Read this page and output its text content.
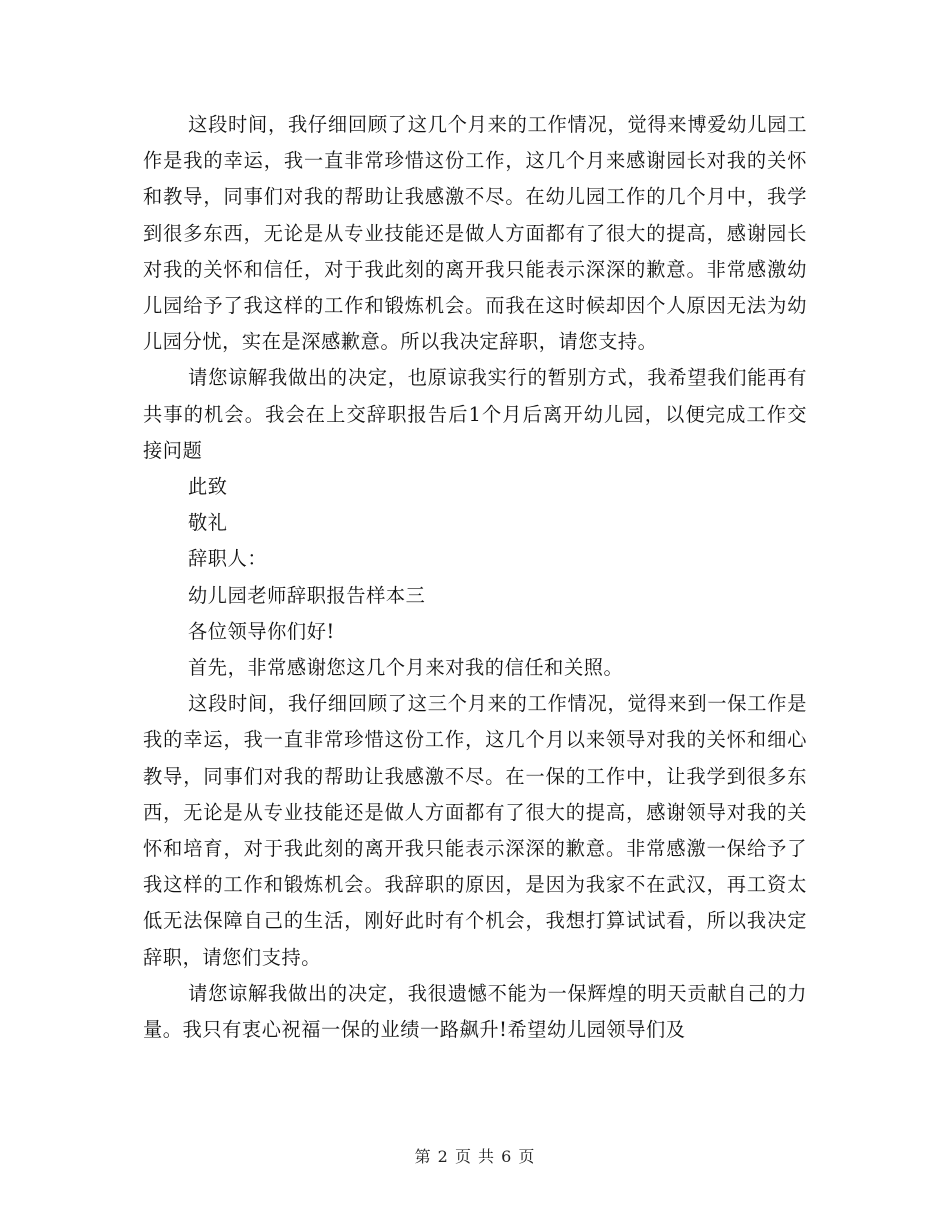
这段时间，我仔细回顾了这几个月来的工作情况，觉得来博爱幼儿园工作是我的幸运，我一直非常珍惜这份工作，这几个月来感谢园长对我的关怀和教导，同事们对我的帮助让我感激不尽。在幼儿园工作的几个月中，我学到很多东西，无论是从专业技能还是做人方面都有了很大的提高，感谢园长对我的关怀和信任，对于我此刻的离开我只能表示深深的歉意。非常感激幼儿园给予了我这样的工作和锻炼机会。而我在这时候却因个人原因无法为幼儿园分忧，实在是深感歉意。所以我决定辞职，请您支持。

请您谅解我做出的决定，也原谅我实行的暂别方式，我希望我们能再有共事的机会。我会在上交辞职报告后1个月后离开幼儿园，以便完成工作交接问题

此致

敬礼

辞职人：

幼儿园老师辞职报告样本三

各位领导你们好!

首先，非常感谢您这几个月来对我的信任和关照。

这段时间，我仔细回顾了这三个月来的工作情况，觉得来到一保工作是我的幸运，我一直非常珍惜这份工作，这几个月以来领导对我的关怀和细心教导，同事们对我的帮助让我感激不尽。在一保的工作中，让我学到很多东西，无论是从专业技能还是做人方面都有了很大的提高，感谢领导对我的关怀和培育，对于我此刻的离开我只能表示深深的歉意。非常感激一保给予了我这样的工作和锻炼机会。我辞职的原因，是因为我家不在武汉，再工资太低无法保障自己的生活，刚好此时有个机会，我想打算试试看，所以我决定辞职，请您们支持。

请您谅解我做出的决定，我很遗憾不能为一保辉煌的明天贡献自己的力量。我只有衷心祝福一保的业绩一路飙升!希望幼儿园领导们及

第 2 页 共 6 页
